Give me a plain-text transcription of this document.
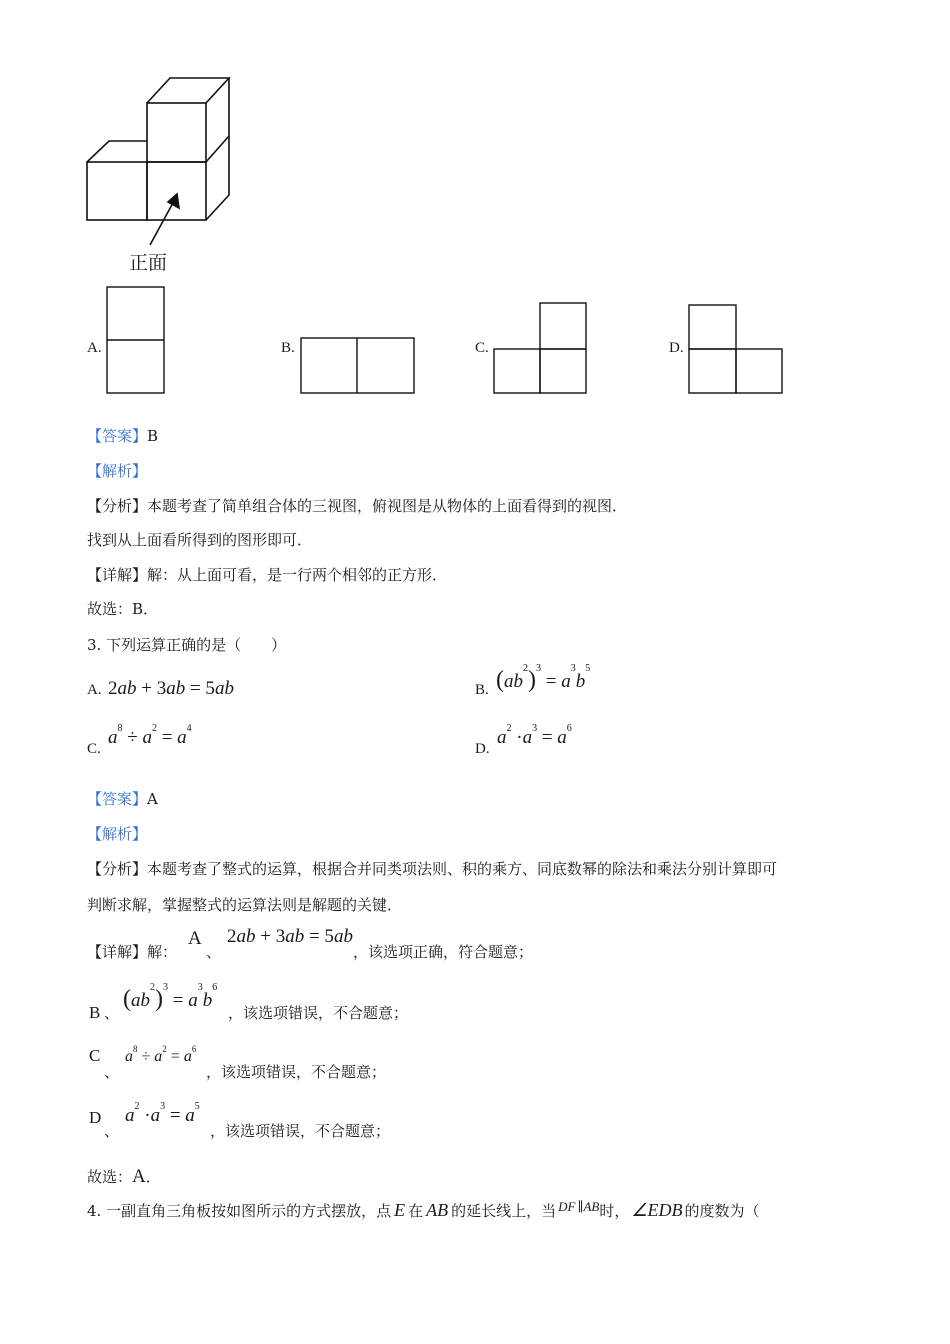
正面
A.	B.	C.	D.
【答案】B
【解析】
【分析】本题考查了简单组合体的三视图，俯视图是从物体的上面看得到的视图．
找到从上面看所得到的图形即可．
【详解】解：从上面可看，是一行两个相邻的正方形．
故选：B．
3. 下列运算正确的是（　　）
A. 2ab + 3ab = 5ab	B. $(ab^2)^3 = a^3b^5$
C.
$a^8 \div a^2 = a^4$
D.
$a^2 \cdot a^3 = a^6$
【答案】A
【解析】
【分析】本题考查了整式的运算，根据合并同类项法则、积的乘方、同底数幂的除法和乘法分别计算即可
判断求解，掌握整式的运算法则是解题的关键．
【详解】解：
A
、
2ab + 3ab = 5ab
，该选项正确，符合题意；
B 、
$(ab^2)^3 = a^3b^6$
，该选项错误，不合题意；
C
、
$a^8 \div a^2 = a^6$
，该选项错误，不合题意；
D
、
$a^2 \cdot a^3 = a^5$
，该选项错误，不合题意；
故选：A．
4. 一副直角三角板按如图所示的方式摆放，点 E 在 AB 的延长线上，当 DF ∥AB时， ∠EDB 的度数为（
